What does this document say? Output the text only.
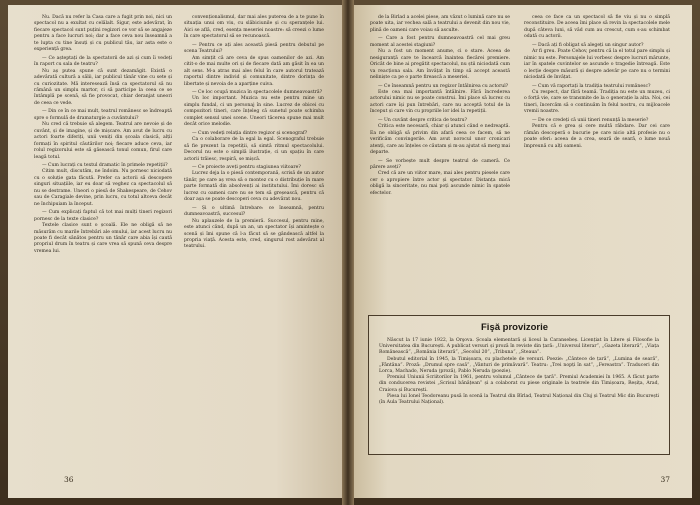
Nu. Dacă nu refer la Casa care a fugit prin noi, nici un spectacol nu a exultat cu celălalt. Sigur, este adevărat, în fiecare spectacol sunt puțini regizori ce vor să se angajeze pentru a face lucruri noi; dar a face ceva nou înseamnă a te lupta cu tine însuți și cu publicul tău, iar asta este o experiență grea.

— Ce așteptați de la spectatorii de azi și cum îi vedeți în raport cu sala de teatru?

Nu aș putea spune că sunt dezamăgit. Există o adevărată cultură a sălii, iar publicul tânăr vine cu sete și cu curiozitate. Mă interesează însă ca spectatorul să nu rămână un simplu martor, ci să participe la ceea ce se întâmplă pe scenă, să fie provocat, chiar deranjat uneori de ceea ce vede.

— Din ce în ce mai mult, teatrul românesc se îndreaptă spre o formulă de dramaturgie a cuvântului?

Nu cred că trebuie să alegem. Teatrul are nevoie și de cuvânt, și de imagine, și de mișcare. Am avut de lucru cu actori foarte diferiți, unii veniți din școala clasică, alții formați în spiritul căutărilor noi; fiecare aduce ceva, iar rolul regizorului este să găsească tonul comun, firul care leagă totul.

— Cum lucrați cu textul dramatic în primele repetiții?

Citim mult, discutăm, ne îndoim. Nu pornesc niciodată cu o soluție gata făcută. Prefer ca actorii să descopere singuri situațiile, iar eu doar să veghez ca spectacolul să nu se destrame. Uneori o piesă de Shakespeare, de Cehov sau de Caragiale devine, prin lucru, cu totul altceva decât ne închipuiam la început.

— Cum explicați faptul că tot mai mulți tineri regizori pornesc de la texte clasice?

Textele clasice sunt o școală. Ele ne obligă să ne măsurăm cu marile întrebări ale omului, iar acest lucru nu poate fi decât sănătos pentru un tânăr care abia își caută propriul drum în teatru și care vrea să spună ceva despre vremea lui.

convenționalismul, dar mai ales puterea de a te pune în situația unui om viu, cu slăbiciunile și cu speranțele lui. Aici se află, cred, esența meseriei noastre: să creezi o lume în care spectatorul să se recunoască.

— Pentru ce ați ales această piesă pentru debutul pe scena Teatrului?

Am simțit că are ceva de spus oamenilor de azi. Am citit-o de mai multe ori și de fiecare dată am găsit în ea un alt sens. M-a atras mai ales felul în care autorul tratează raportul dintre individ și comunitate, dintre dorința de libertate și nevoia de a aparține cuiva.

— Ce loc ocupă muzica în spectacolele dumneavoastră?

Un loc important. Muzica nu este pentru mine un simplu fundal, ci un personaj în sine. Lucrez de obicei cu compozitori tineri, care înțeleg că sunetul poate schimba complet sensul unei scene. Uneori tăcerea spune mai mult decât orice melodie.

— Cum vedeți relația dintre regizor și scenograf?

Ca o colaborare de la egal la egal. Scenograful trebuie să fie prezent la repetiții, să simtă ritmul spectacolului. Decorul nu este o simplă ilustrație, ci un spațiu în care actorii trăiesc, respiră, se mișcă.

— Ce proiecte aveți pentru stagiunea viitoare?

Lucrez deja la o piesă contemporană, scrisă de un autor tânăr, pe care aș vrea să o montez cu o distribuție în mare parte formată din absolvenți ai institutului. Îmi doresc să lucrez cu oameni care nu se tem să greșească, pentru că doar așa se poate descoperi ceva cu adevărat nou.

— Și o ultimă întrebare: ce înseamnă, pentru dumneavoastră, succesul?

Nu aplauzele de la premieră. Succesul, pentru mine, este atunci când, după un an, un spectator își amintește o scenă și îmi spune că l-a făcut să se gândească altfel la propria viață. Acesta este, cred, singurul rost adevărat al teatrului.

36

de la Birlad a acelei piese, am văzut o lumină care nu se poate uita, iar vechea sală a teatrului a devenit din nou vie, plină de oameni care voiau să asculte.

— Care a fost pentru dumneavoastră cel mai greu moment al acestei stagiuni?

Nu a fost un moment anume, ci o stare. Aceea de nesiguranță care te încearcă înaintea fiecărei premiere. Oricât de bine ai pregătit spectacolul, nu știi niciodată cum va reacționa sala. Am învățat în timp să accept această neliniște ca pe o parte firească a meseriei.

— Ce înseamnă pentru un regizor întâlnirea cu actorul?

Este cea mai importantă întâlnire. Fără încrederea actorului nimic nu se poate construi. Îmi place să lucrez cu actori care își pun întrebări, care nu acceptă totul de la început și care vin cu propriile lor idei la repetiții.

— Un cuvânt despre critica de teatru?

Critica este necesară, chiar și atunci când e nedreaptă. Ea ne obligă să privim din afară ceea ce facem, să ne verificăm convingerile. Am avut norocul unor cronicari atenți, care au înțeles ce căutam și m-au ajutat să merg mai departe.

— Se vorbește mult despre teatrul de cameră. Ce părere aveți?

Cred că are un viitor mare, mai ales pentru piesele care cer o apropiere între actor și spectator. Distanța mică obligă la sinceritate, nu mai poți ascunde nimic în spatele efectelor.

ceea ce face ca un spectacol să fie viu și nu o simplă reconstituire. De aceea îmi place să revin la spectacolele mele după câteva luni, să văd cum au crescut, cum s-au schimbat odată cu actorii.

— Dacă ați fi obligat să alegeți un singur autor?

Ar fi greu. Poate Cehov, pentru că la el totul pare simplu și nimic nu este. Personajele lui vorbesc despre lucruri mărunte, iar în spatele cuvintelor se ascunde o tragedie întreagă. Este o lecție despre măsură și despre adevăr pe care nu o termini niciodată de învățat.

— Cum vă raportați la tradiția teatrului românesc?

Cu respect, dar fără teamă. Tradiția nu este un muzeu, ci o forță vie, care se transmite de la o generație la alta. Noi, cei tineri, încercăm să o continuăm în felul nostru, cu mijloacele vremii noastre.

— De ce credeți că unii tineri renunță la meserie?

Pentru că e grea și cere multă răbdare. Dar cei care rămân descoperă o bucurie pe care nicio altă profesie nu o poate oferi: aceea de a crea, seară de seară, o lume nouă împreună cu alți oameni.

Fişă provizorie

Născut la 17 iunie 1922, la Orşova. Școala elementară și liceul la Caransebeș. Licențiat în Litere și Filosofie la Universitatea din București. A publicat versuri și proză în reviste din țară: „Universul literar”, „Gazeta literară”, „Viața Românească”, „România literară”, „Secolul 20”, „Tribuna”, „Steaua”.

Debutul editorial în 1945, la Timișoara, cu plachetele de versuri. Poezie: „Cântece de țară”, „Lumina de seară”, „Fântâna”. Proză: „Drumul spre casă”, „Vânturi de primăvară”. Teatru: „Trei nopți în sat”, „Fereastra”. Traduceri din Lorca, Machado, Neruda (proză), Pablo Neruda (poezie).

Premiul Uniunii Scriitorilor în 1961, pentru volumul „Cântece de țară”. Premiul Academiei în 1965. A făcut parte din conducerea revistei „Scrisul bănățean” și a colaborat cu piese originale la teatrele din Timișoara, Reșița, Arad, Craiova și București.

Piesa lui Ionel Teodoreanu pusă în scenă la Teatrul din Bîrlad, Teatrul Național din Cluj și Teatrul Mic din București (în Aula Teatrului Național).

37
